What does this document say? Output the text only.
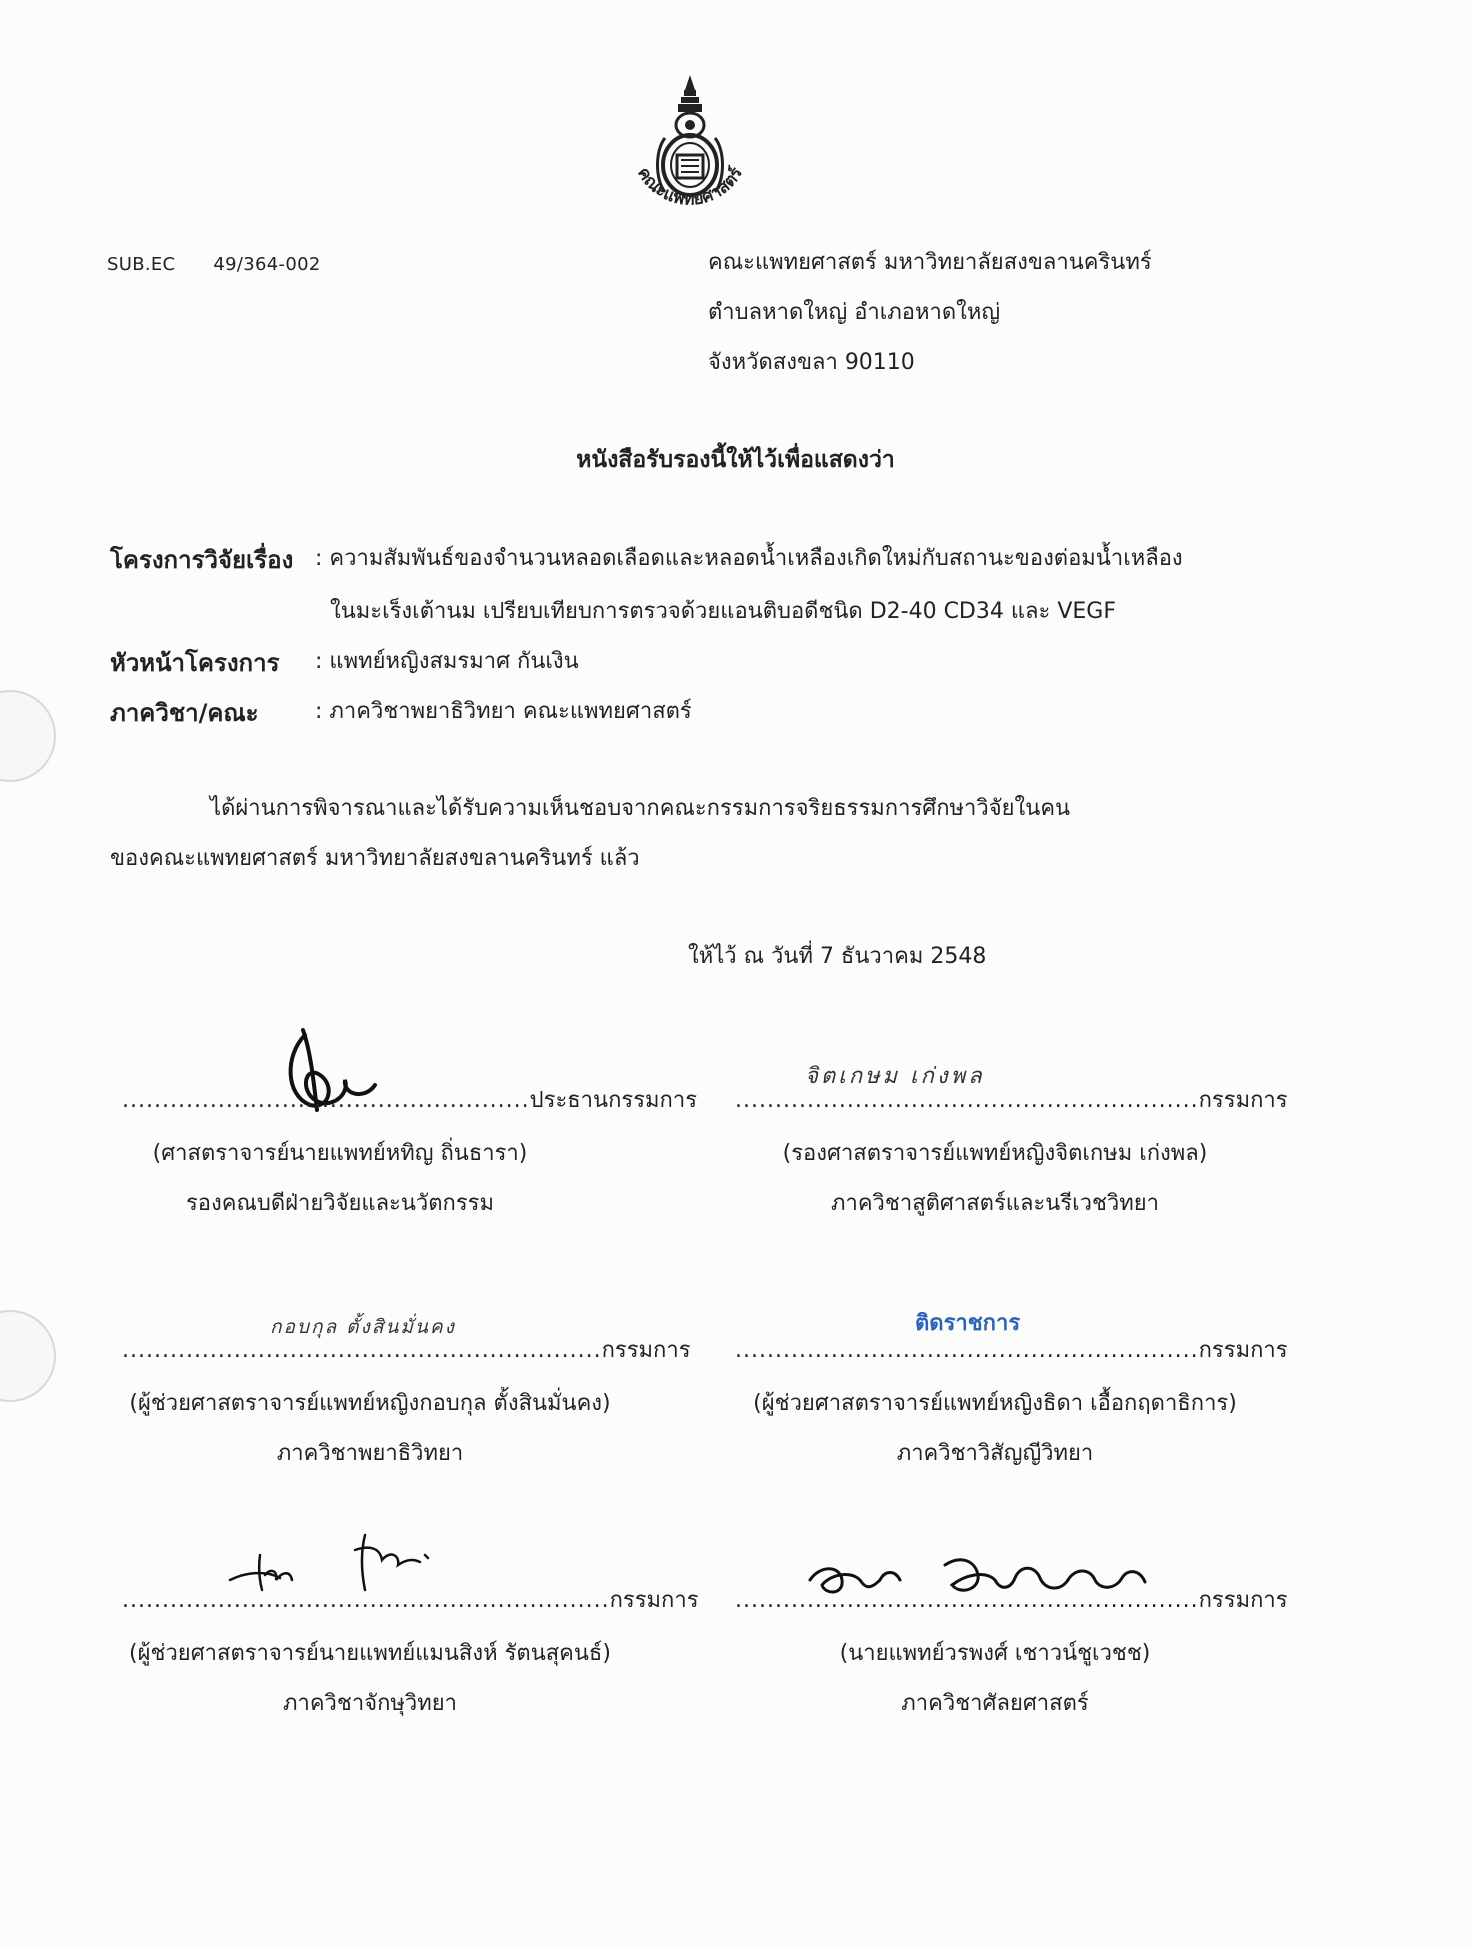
คณะแพทยศาสตร์
SUB.EC 49/364-002	คณะแพทยศาสตร์ มหาวิทยาลัยสงขลานครินทร์
ตำบลหาดใหญ่ อำเภอหาดใหญ่
จังหวัดสงขลา 90110
หนังสือรับรองนี้ให้ไว้เพื่อแสดงว่า
โครงการวิจัยเรื่อง : ความสัมพันธ์ของจำนวนหลอดเลือดและหลอดน้ำเหลืองเกิดใหม่กับสถานะของต่อมน้ำเหลือง
ในมะเร็งเต้านม เปรียบเทียบการตรวจด้วยแอนติบอดีชนิด D2-40 CD34 และ VEGF
หัวหน้าโครงการ : แพทย์หญิงสมรมาศ กันเงิน
ภาควิชา/คณะ	: ภาควิชาพยาธิวิทยา คณะแพทยศาสตร์
ได้ผ่านการพิจารณาและได้รับความเห็นชอบจากคณะกรรมการจริยธรรมการศึกษาวิจัยในคน
ของคณะแพทยศาสตร์ มหาวิทยาลัยสงขลานครินทร์ แล้ว
ให้ไว้ ณ วันที่ 7 ธันวาคม 2548
...................................................ประธานกรรมการ
(ศาสตราจารย์นายแพทย์หทิญ ถิ่นธารา)
รองคณบดีฝ่ายวิจัยและนวัตกรรม
จิตเกษม เก่งพล
..........................................................กรรมการ
(รองศาสตราจารย์แพทย์หญิงจิตเกษม เก่งพล)
ภาควิชาสูติศาสตร์และนรีเวชวิทยา
กอบกุล ตั้งสินมั่นคง
............................................................กรรมการ
(ผู้ช่วยศาสตราจารย์แพทย์หญิงกอบกุล ตั้งสินมั่นคง)
ภาควิชาพยาธิวิทยา
ติดราชการ
..........................................................กรรมการ
(ผู้ช่วยศาสตราจารย์แพทย์หญิงธิดา เอื้อกฤดาธิการ)
ภาควิชาวิสัญญีวิทยา
.............................................................กรรมการ
(ผู้ช่วยศาสตราจารย์นายแพทย์แมนสิงห์ รัตนสุคนธ์)
ภาควิชาจักษุวิทยา
..........................................................กรรมการ
(นายแพทย์วรพงศ์ เชาวน์ชูเวชช)
ภาควิชาศัลยศาสตร์
